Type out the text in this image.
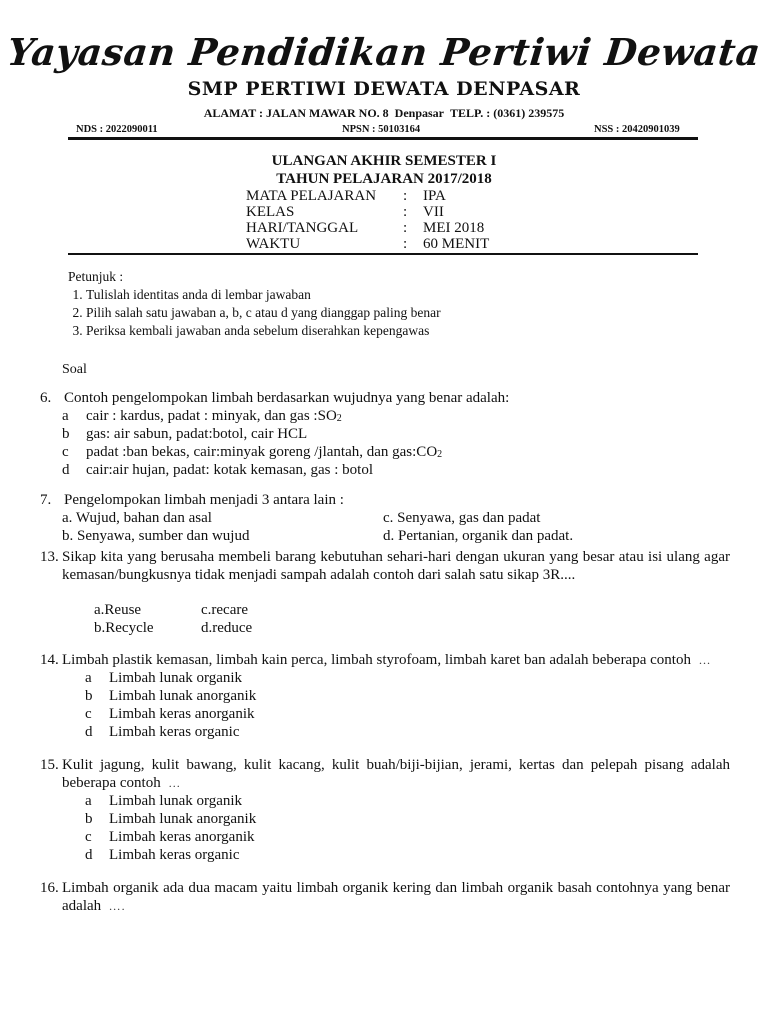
Yayasan Pendidikan Pertiwi Dewata
SMP PERTIWI DEWATA DENPASAR
ALAMAT : JALAN MAWAR NO. 8 Denpasar TELP. : (0361) 239575
NDS : 2022090011	NPSN : 50103164	NSS : 20420901039
ULANGAN AKHIR SEMESTER I
TAHUN PELAJARAN 2017/2018
MATA PELAJARAN	:	IPA
KELAS	:	VII
HARI/TANGGAL	:	MEI 2018
WAKTU	:	60 MENIT
Petunjuk :
1. Tulislah identitas anda di lembar jawaban
2. Pilih salah satu jawaban a, b, c atau d yang dianggap paling benar
3. Periksa kembali jawaban anda sebelum diserahkan kepengawas
Soal
6. Contoh pengelompokan limbah berdasarkan wujudnya yang benar adalah:
a	cair : kardus, padat : minyak, dan gas $:SO_2$
b	gas: air sabun, padat:botol, cair HCL
c	padat :ban bekas, cair:minyak goreng /jlantah, dan $gas:CO_2$
d	cair:air hujan, padat: kotak kemasan, gas : botol
7. Pengelompokan limbah menjadi 3 antara lain :
a. Wujud, bahan dan asal
b. Senyawa, sumber dan wujud
c. Senyawa, gas dan padat
d. Pertanian, organik dan padat.
13. Sikap kita yang berusaha membeli barang kebutuhan sehari-hari dengan ukuran yang besar atau isi ulang agar kemasan/bungkusnya tidak menjadi sampah adalah contoh dari salah satu sikap 3R....
a.Reuse
b.Recycle
c.recare
d.reduce
14. Limbah plastik kemasan, limbah kain perca, limbah styrofoam, limbah karet ban adalah beberapa contoh …
a	Limbah lunak organik
b	Limbah lunak anorganik
c	Limbah keras anorganik
d	Limbah keras organic
15. Kulit jagung, kulit bawang, kulit kacang, kulit buah/biji-bijian, jerami, kertas dan pelepah pisang adalah beberapa contoh …
a	Limbah lunak organik
b	Limbah lunak anorganik
c	Limbah keras anorganik
d	Limbah keras organic
16. Limbah organik ada dua macam yaitu limbah organik kering dan limbah organik basah contohnya yang benar adalah ….
